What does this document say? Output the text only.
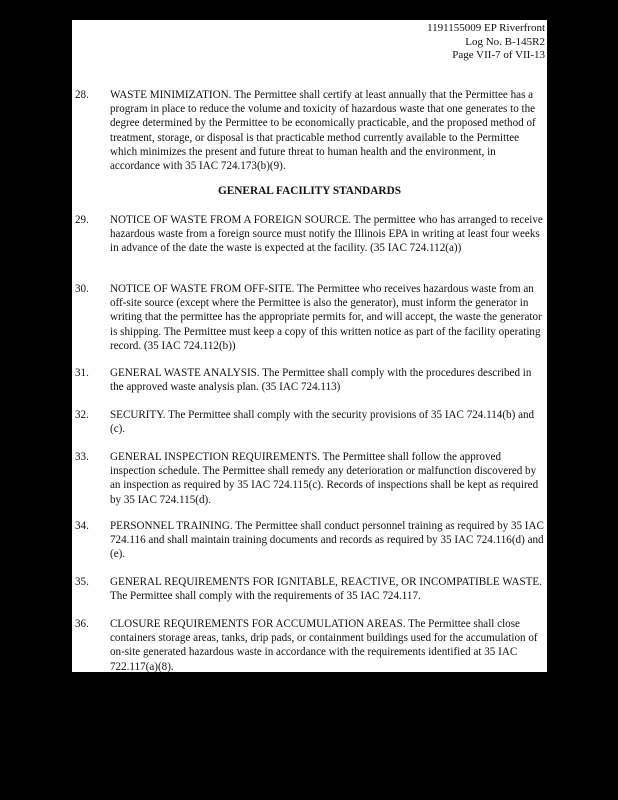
1191155009 EP Riverfront
Log No. B-145R2
Page VII-7 of VII-13
28.	WASTE MINIMIZATION. The Permittee shall certify at least annually that the Permittee has a program in place to reduce the volume and toxicity of hazardous waste that one generates to the degree determined by the Permittee to be economically practicable, and the proposed method of treatment, storage, or disposal is that practicable method currently available to the Permittee which minimizes the present and future threat to human health and the environment, in accordance with 35 IAC 724.173(b)(9).
GENERAL FACILITY STANDARDS
29.	NOTICE OF WASTE FROM A FOREIGN SOURCE. The permittee who has arranged to receive hazardous waste from a foreign source must notify the Illinois EPA in writing at least four weeks in advance of the date the waste is expected at the facility. (35 IAC 724.112(a))
30.	NOTICE OF WASTE FROM OFF-SITE. The Permittee who receives hazardous waste from an off-site source (except where the Permittee is also the generator), must inform the generator in writing that the permittee has the appropriate permits for, and will accept, the waste the generator is shipping. The Permittee must keep a copy of this written notice as part of the facility operating record. (35 IAC 724.112(b))
31.	GENERAL WASTE ANALYSIS. The Permittee shall comply with the procedures described in the approved waste analysis plan. (35 IAC 724.113)
32.	SECURITY. The Permittee shall comply with the security provisions of 35 IAC 724.114(b) and (c).
33.	GENERAL INSPECTION REQUIREMENTS. The Permittee shall follow the approved inspection schedule. The Permittee shall remedy any deterioration or malfunction discovered by an inspection as required by 35 IAC 724.115(c). Records of inspections shall be kept as required by 35 IAC 724.115(d).
34.	PERSONNEL TRAINING. The Permittee shall conduct personnel training as required by 35 IAC 724.116 and shall maintain training documents and records as required by 35 IAC 724.116(d) and (e).
35.	GENERAL REQUIREMENTS FOR IGNITABLE, REACTIVE, OR INCOMPATIBLE WASTE. The Permittee shall comply with the requirements of 35 IAC 724.117.
36.	CLOSURE REQUIREMENTS FOR ACCUMULATION AREAS. The Permittee shall close containers storage areas, tanks, drip pads, or containment buildings used for the accumulation of on-site generated hazardous waste in accordance with the requirements identified at 35 IAC 722.117(a)(8).
